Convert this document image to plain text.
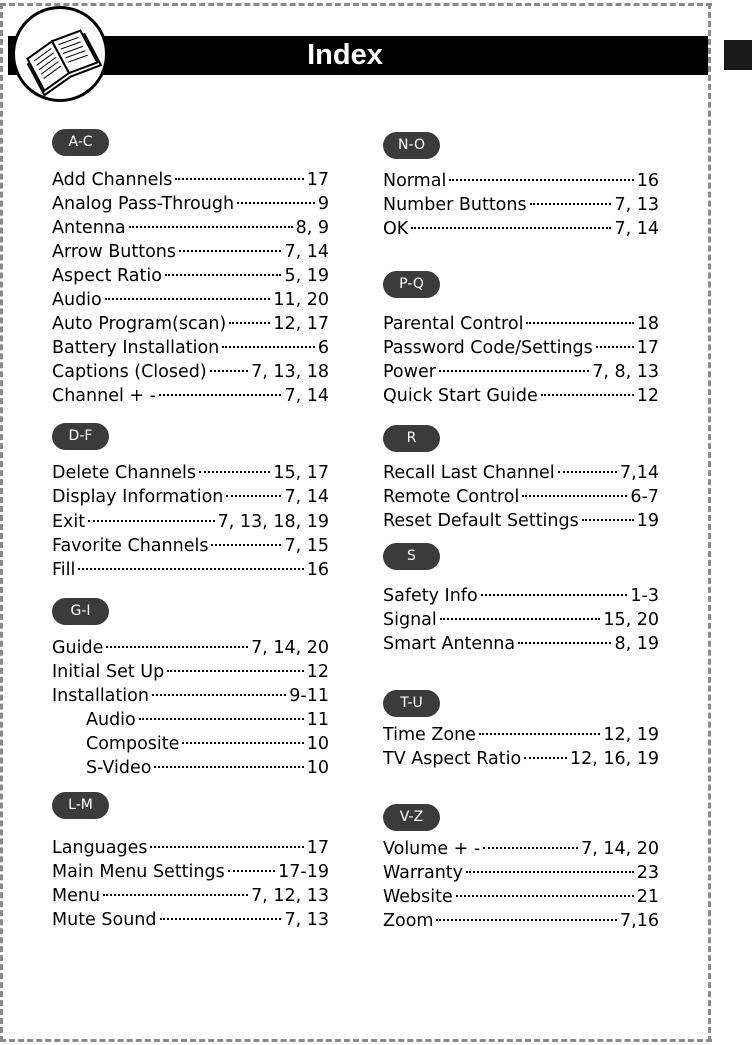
Index
A-C
Add Channels	17
Analog Pass-Through	9
Antenna	8, 9
Arrow Buttons	7, 14
Aspect Ratio	5, 19
Audio	11, 20
Auto Program(scan)	12, 17
Battery Installation	6
Captions (Closed)	7, 13, 18
Channel + -	7, 14
D-F
Delete Channels	15, 17
Display Information	7, 14
Exit	7, 13, 18, 19
Favorite Channels	7, 15
Fill	16
G-I
Guide	7, 14, 20
Initial Set Up	12
Installation	9-11
Audio	11
Composite	10
S-Video	10
L-M
Languages	17
Main Menu Settings	17-19
Menu	7, 12, 13
Mute Sound	7, 13
N-O
Normal	16
Number Buttons	7, 13
OK	7, 14
P-Q
Parental Control	18
Password Code/Settings	17
Power	7, 8, 13
Quick Start Guide	12
R
Recall Last Channel	7,14
Remote Control	6-7
Reset Default Settings	19
S
Safety Info	1-3
Signal	15, 20
Smart Antenna	8, 19
T-U
Time Zone	12, 19
TV Aspect Ratio	12, 16, 19
V-Z
Volume + -	7, 14, 20
Warranty	23
Website	21
Zoom	7,16
